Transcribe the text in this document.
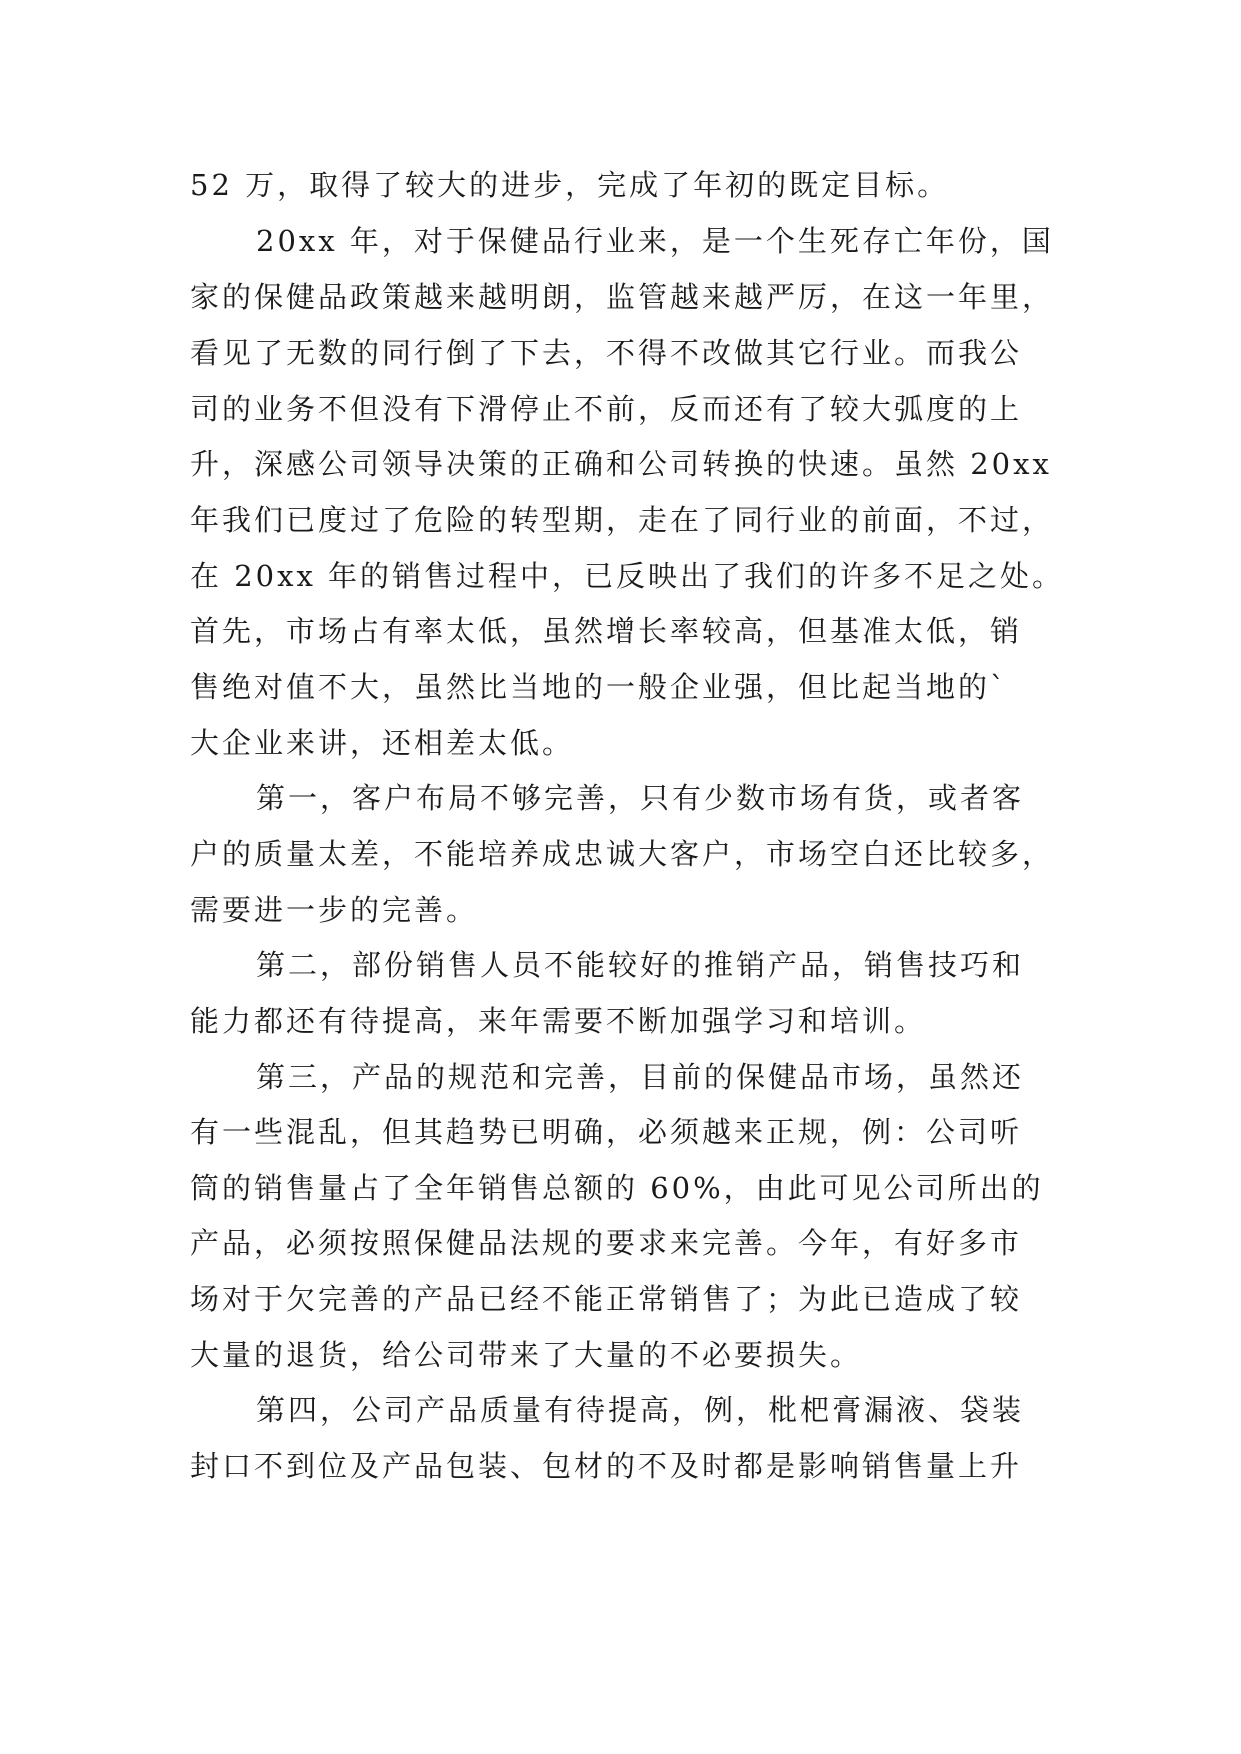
52 万，取得了较大的进步，完成了年初的既定目标。
20xx 年，对于保健品行业来，是一个生死存亡年份，国
家的保健品政策越来越明朗，监管越来越严厉，在这一年里，
看见了无数的同行倒了下去，不得不改做其它行业。而我公
司的业务不但没有下滑停止不前，反而还有了较大弧度的上
升，深感公司领导决策的正确和公司转换的快速。虽然 20xx
年我们已度过了危险的转型期，走在了同行业的前面，不过，
在 20xx 年的销售过程中，已反映出了我们的许多不足之处。
首先，市场占有率太低，虽然增长率较高，但基准太低，销
售绝对值不大，虽然比当地的一般企业强，但比起当地的`
大企业来讲，还相差太低。
第一，客户布局不够完善，只有少数市场有货，或者客
户的质量太差，不能培养成忠诚大客户，市场空白还比较多，
需要进一步的完善。
第二，部份销售人员不能较好的推销产品，销售技巧和
能力都还有待提高，来年需要不断加强学习和培训。
第三，产品的规范和完善，目前的保健品市场，虽然还
有一些混乱，但其趋势已明确，必须越来正规，例：公司听
筒的销售量占了全年销售总额的 60%，由此可见公司所出的
产品，必须按照保健品法规的要求来完善。今年，有好多市
场对于欠完善的产品已经不能正常销售了；为此已造成了较
大量的退货，给公司带来了大量的不必要损失。
第四，公司产品质量有待提高，例，枇杷膏漏液、袋装
封口不到位及产品包装、包材的不及时都是影响销售量上升
